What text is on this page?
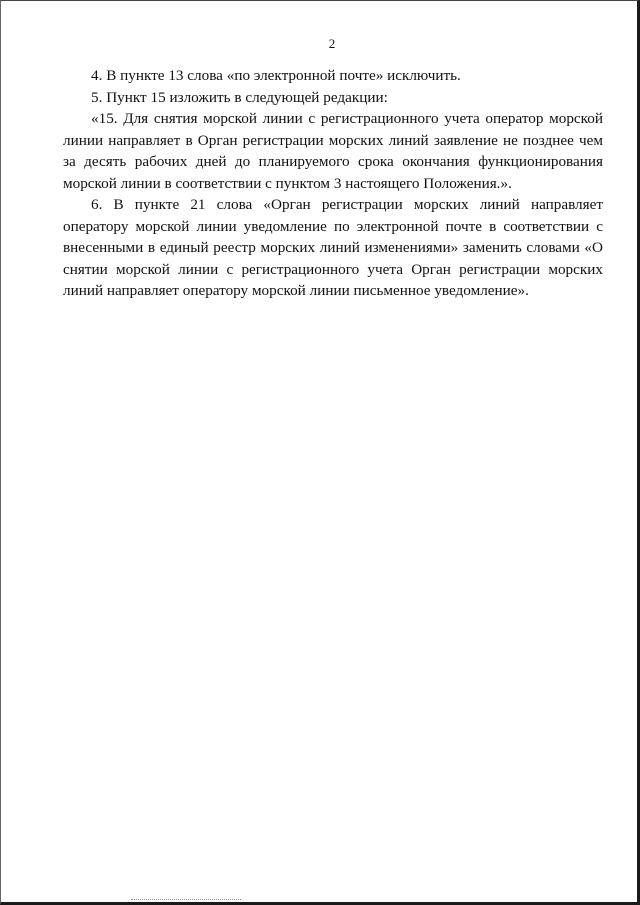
2

4. В пункте 13 слова «по электронной почте» исключить.

5. Пункт 15 изложить в следующей редакции:

«15. Для снятия морской линии с регистрационного учета оператор морской линии направляет в Орган регистрации морских линий заявление не позднее чем за десять рабочих дней до планируемого срока окончания функционирования морской линии в соответствии с пунктом 3 настоящего Положения.».

6. В пункте 21 слова «Орган регистрации морских линий направляет оператору морской линии уведомление по электронной почте в соответствии с внесенными в единый реестр морских линий изменениями» заменить словами «О снятии морской линии с регистрационного учета Орган регистрации морских линий направляет оператору морской линии письменное уведомление».
